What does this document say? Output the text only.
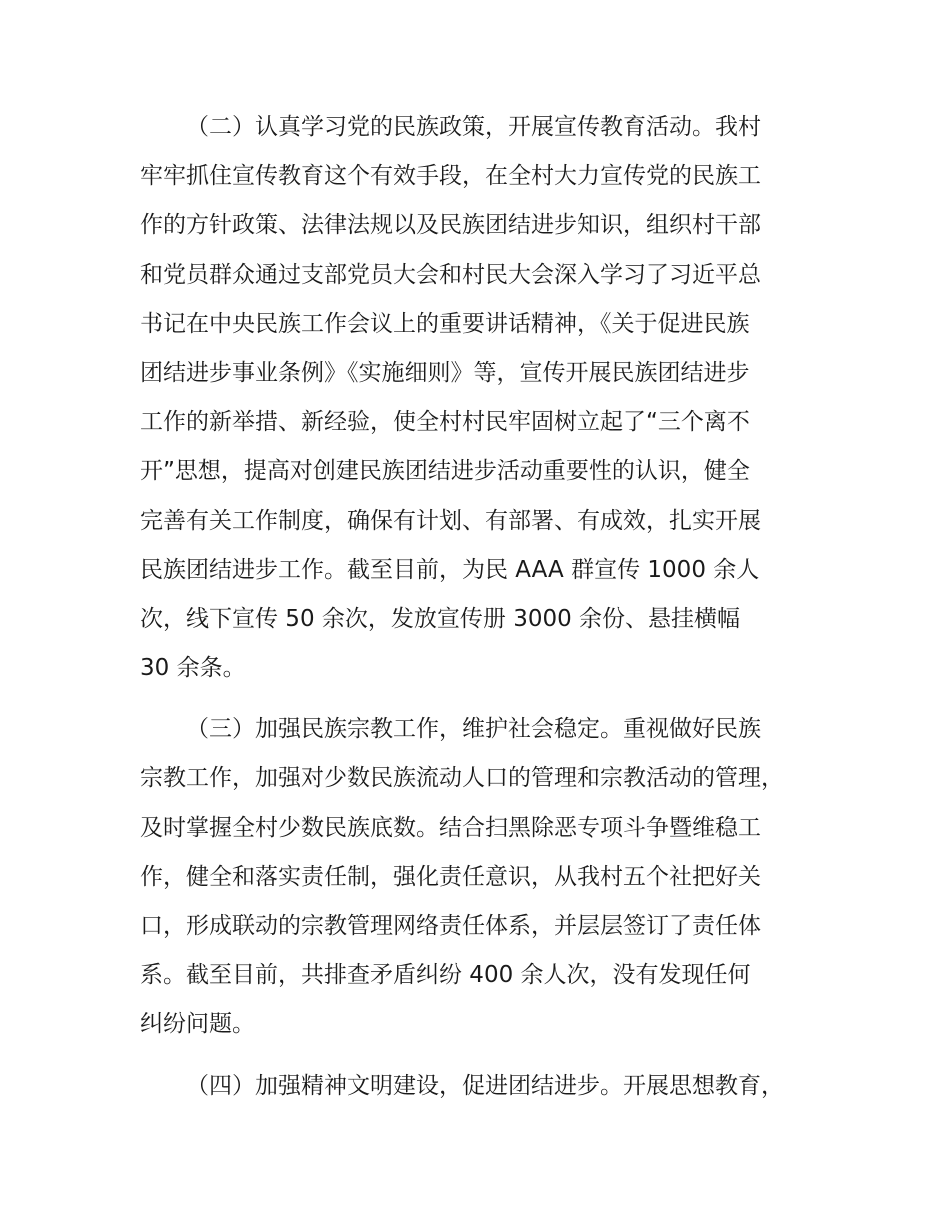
（二）认真学习党的民族政策，开展宣传教育活动。我村
牢牢抓住宣传教育这个有效手段，在全村大力宣传党的民族工
作的方针政策、法律法规以及民族团结进步知识，组织村干部
和党员群众通过支部党员大会和村民大会深入学习了习近平总
书记在中央民族工作会议上的重要讲话精神，《关于促进民族
团结进步事业条例》《实施细则》等，宣传开展民族团结进步
工作的新举措、新经验，使全村村民牢固树立起了“三个离不
开”思想，提高对创建民族团结进步活动重要性的认识，健全
完善有关工作制度，确保有计划、有部署、有成效，扎实开展
民族团结进步工作。截至目前，为民 AAA 群宣传 1000 余人
次，线下宣传 50 余次，发放宣传册 3000 余份、悬挂横幅
30 余条。
（三）加强民族宗教工作，维护社会稳定。重视做好民族
宗教工作，加强对少数民族流动人口的管理和宗教活动的管理，
及时掌握全村少数民族底数。结合扫黑除恶专项斗争暨维稳工
作，健全和落实责任制，强化责任意识，从我村五个社把好关
口，形成联动的宗教管理网络责任体系，并层层签订了责任体
系。截至目前，共排查矛盾纠纷 400 余人次，没有发现任何
纠纷问题。
（四）加强精神文明建设，促进团结进步。开展思想教育，
